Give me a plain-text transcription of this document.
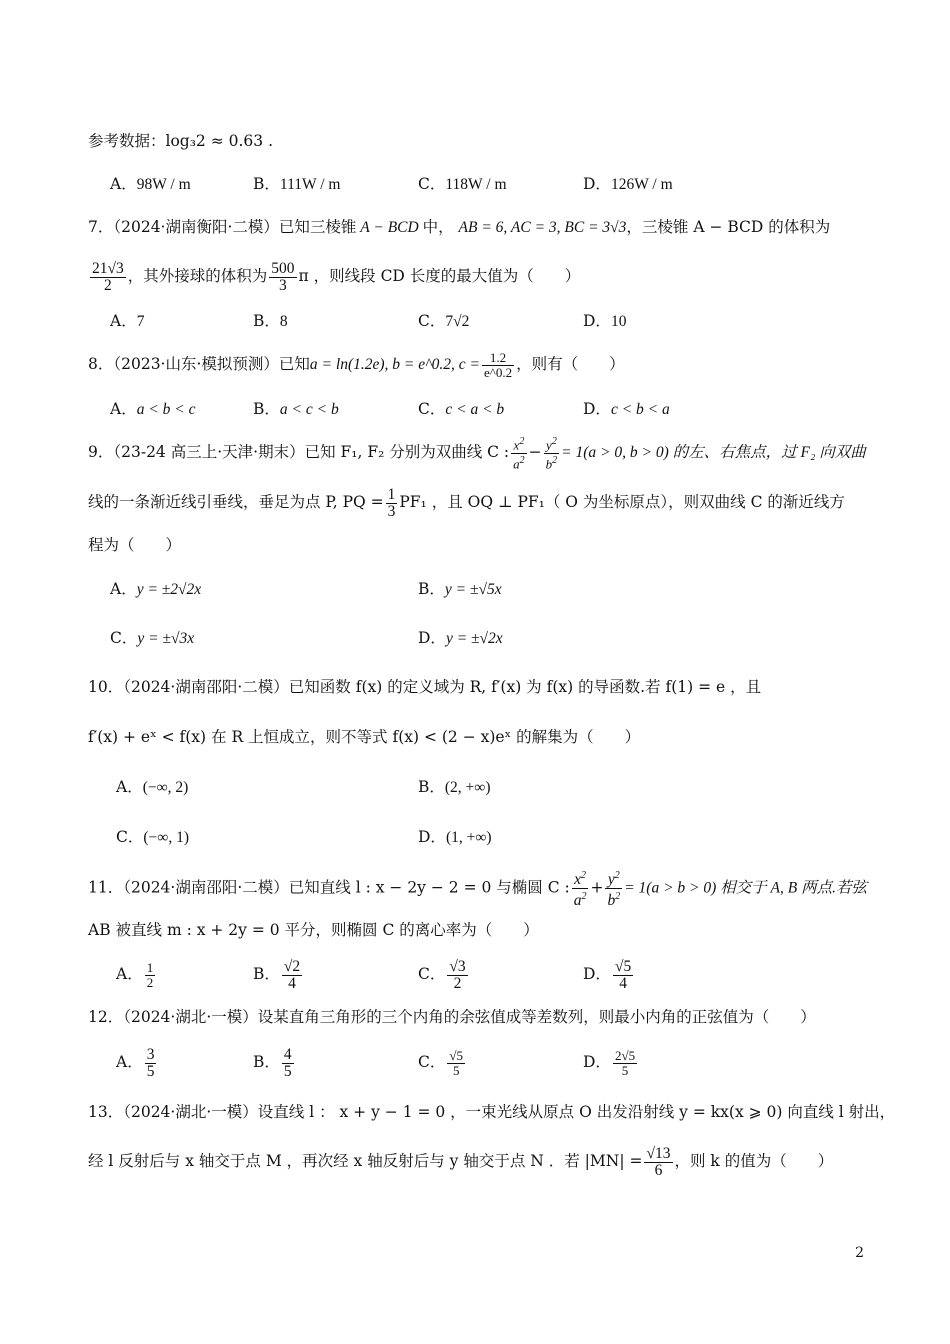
参考数据：log₃2 ≈ 0.63 .
A．98W / m	B．111W / m	C．118W / m	D．126W / m
7．（2024·湖南衡阳·二模）已知三棱锥 A − BCD 中， AB = 6, AC = 3, BC = 3√3，三棱锥 A − BCD 的体积为
$\frac{21√3}{2}$ ，其外接球的体积为 $\frac{500}{3}$ π ，则线段 CD 长度的最大值为（　　）
A．7	B．8	C．7√2	D．10
8．（2023·山东·模拟预测）已知a = ln(1.2e), b = e^0.2, $c = \frac{1.2}{e\^{}0.2}$ ，则有（　　）
A．a < b < c	B．a < c < b	C．c < a < b	D．c < b < a
9．（23-24 高三上·天津·期末）已知 F₁, F₂ 分别为双曲线 C : $\frac{x^2}{a^2} - \frac{y^2}{b^2} = 1(a > 0$, b > 0) 的左、右焦点，过 F₂ 向双曲
线的一条渐近线引垂线，垂足为点 P, PQ = $\frac{1}{3} PF_1$ ，且 OQ ⊥ PF₁（ O 为坐标原点），则双曲线 C 的渐近线方
程为（　　）
A．y = ±2√2x	B．y = ±√5x
C．y = ±√3x	D．y = ±√2x
10．（2024·湖南邵阳·二模）已知函数 f(x) 的定义域为 R, f′(x) 为 f(x) 的导函数.若 f(1) = e ，且
f′(x) + eˣ < f(x) 在 R 上恒成立，则不等式 f(x) < (2 − x)eˣ 的解集为（　　）
A．(−∞, 2)	B．(2, +∞)
C．(−∞, 1)	D．(1, +∞)
11．（2024·湖南邵阳·二模）已知直线 l : x − 2y − 2 = 0 与椭圆 C : $\frac{x^2}{a^2} + \frac{y^2}{b^2} = 1(a > b > 0)$ 相交于 A, B 两点.若弦
AB 被直线 m : x + 2y = 0 平分，则椭圆 C 的离心率为（　　）
A． $\frac{1}{2}$	B． $\frac{√2}{4}$	C． $\frac{√3}{2}$	D． $\frac{√5}{4}$
12．（2024·湖北·一模）设某直角三角形的三个内角的余弦值成等差数列，则最小内角的正弦值为（　　）
A． $\frac{3}{5}$	B． $\frac{4}{5}$	C． $\frac{√5}{5}$	D． $\frac{2√5}{5}$
13．（2024·湖北·一模）设直线 l ： x + y − 1 = 0 ，一束光线从原点 O 出发沿射线 y = kx(x ⩾ 0) 向直线 l 射出，
经 l 反射后与 x 轴交于点 M ，再次经 x 轴反射后与 y 轴交于点 N ．若 $|MN| = \frac{√13}{6}$ ，则 k 的值为（　　）
2
